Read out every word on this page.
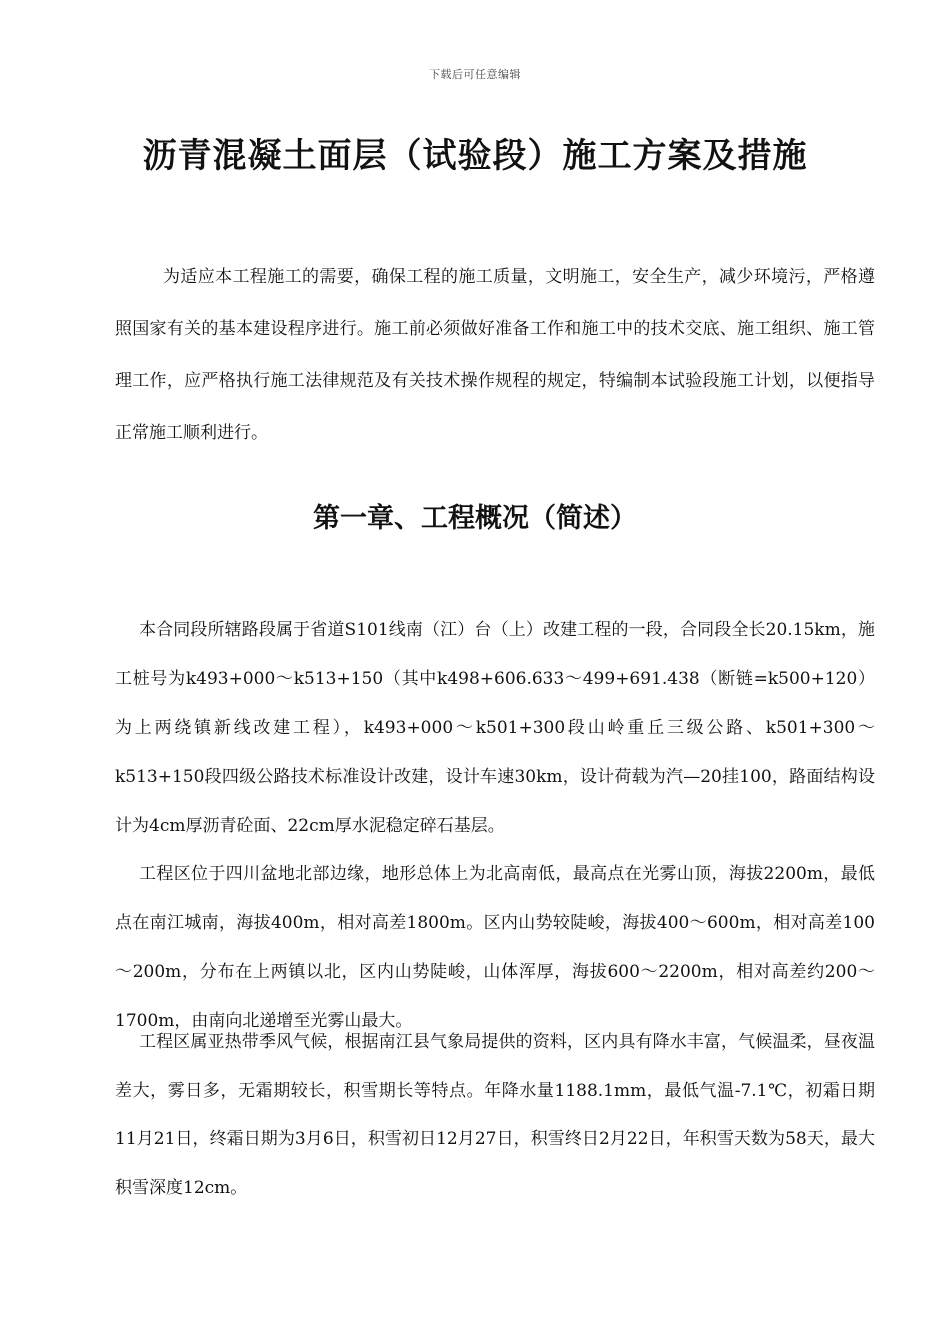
下载后可任意编辑
沥青混凝土面层（试验段）施工方案及措施

为适应本工程施工的需要，确保工程的施工质量，文明施工，安全生产，减少环境污，严格遵照国家有关的基本建设程序进行。施工前必须做好准备工作和施工中的技术交底、施工组织、施工管理工作，应严格执行施工法律规范及有关技术操作规程的规定，特编制本试验段施工计划，以便指导正常施工顺利进行。

第一章、工程概况（简述）

本合同段所辖路段属于省道S101线南（江）台（上）改建工程的一段，合同段全长20.15km，施工桩号为k493+000～k513+150（其中k498+606.633～499+691.438（断链=k500+120）为上两绕镇新线改建工程），k493+000～k501+300段山岭重丘三级公路、k501+300～k513+150段四级公路技术标准设计改建，设计车速30km，设计荷载为汽—20挂100，路面结构设计为4cm厚沥青砼面、22cm厚水泥稳定碎石基层。

工程区位于四川盆地北部边缘，地形总体上为北高南低，最高点在光雾山顶，海拔2200m，最低点在南江城南，海拔400m，相对高差1800m。区内山势较陡峻，海拔400～600m，相对高差100～200m，分布在上两镇以北，区内山势陡峻，山体浑厚，海拔600～2200m，相对高差约200～1700m，由南向北递增至光雾山最大。

工程区属亚热带季风气候，根据南江县气象局提供的资料，区内具有降水丰富，气候温柔，昼夜温差大，雾日多，无霜期较长，积雪期长等特点。年降水量1188.1mm，最低气温-7.1℃，初霜日期11月21日，终霜日期为3月6日，积雪初日12月27日，积雪终日2月22日，年积雪天数为58天，最大积雪深度12cm。
